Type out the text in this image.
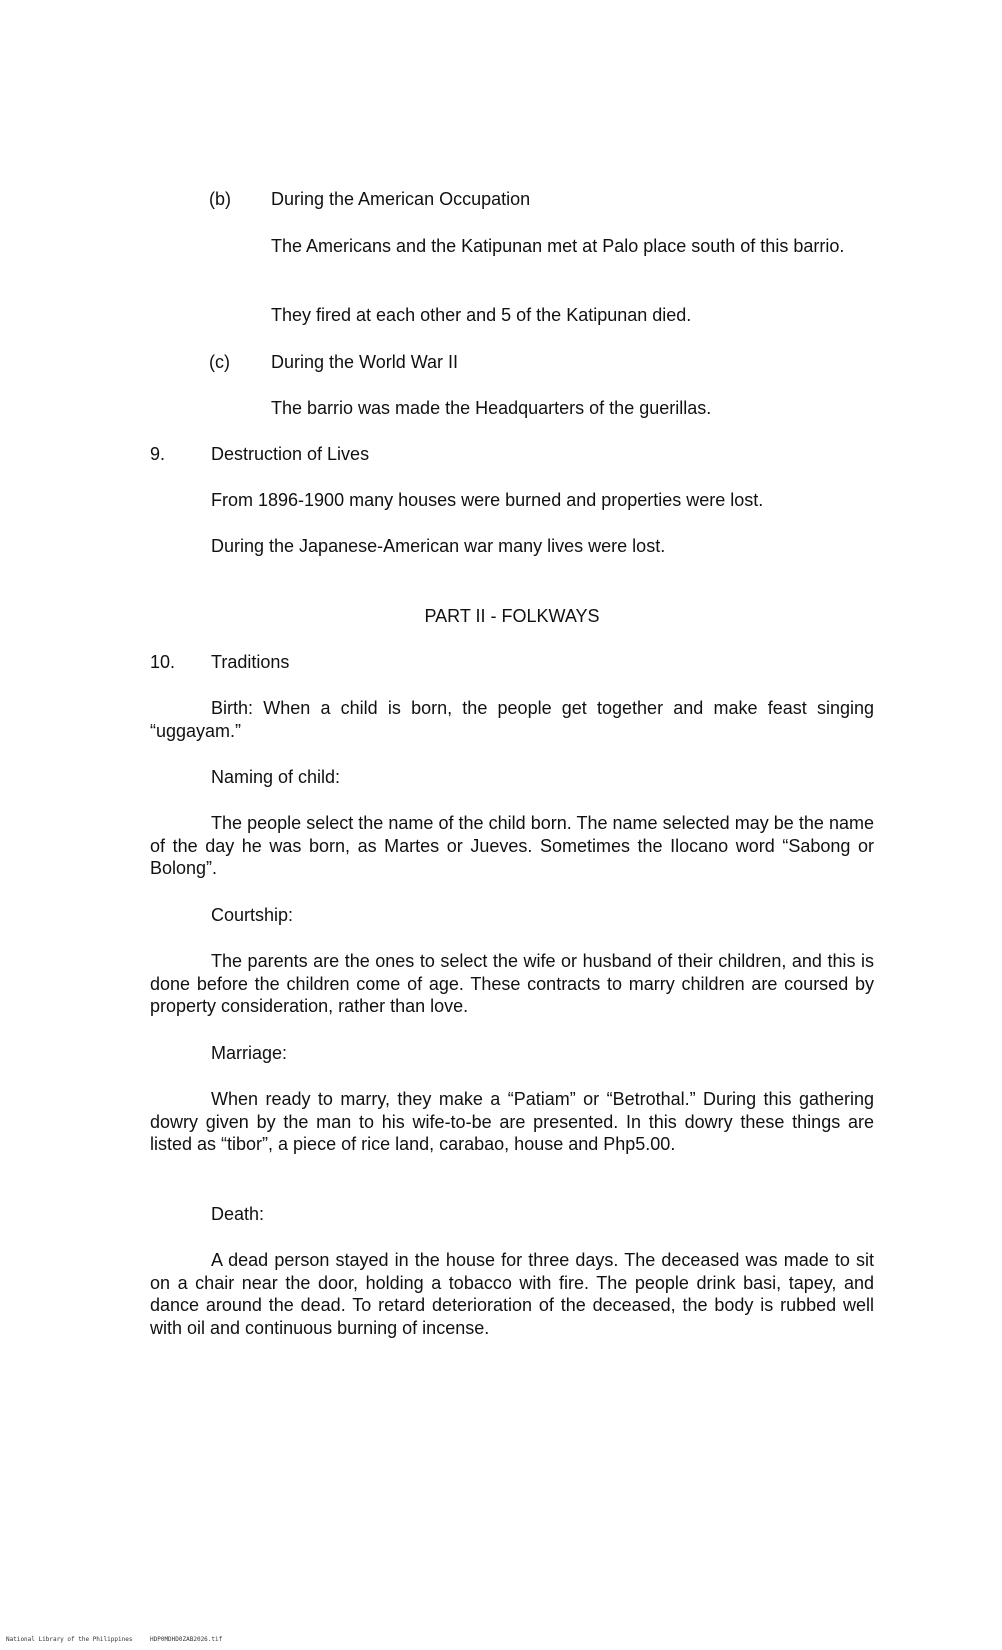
(b) During the American Occupation

The Americans and the Katipunan met at Palo place south of this barrio.

They fired at each other and 5 of the Katipunan died.

(c) During the World War II

The barrio was made the Headquarters of the guerillas.

9.	Destruction of Lives

From 1896-1900 many houses were burned and properties were lost.

During the Japanese-American war many lives were lost.

PART II - FOLKWAYS

10. Traditions

Birth: When a child is born, the people get together and make feast singing “uggayam.”

Naming of child:

The people select the name of the child born. The name selected may be the name of the day he was born, as Martes or Jueves. Sometimes the Ilocano word “Sabong or Bolong”.

Courtship:

The parents are the ones to select the wife or husband of their children, and this is done before the children come of age. These contracts to marry children are coursed by property consideration, rather than love.

Marriage:

When ready to marry, they make a “Patiam” or “Betrothal.” During this gathering dowry given by the man to his wife-to-be are presented. In this dowry these things are listed as “tibor”, a piece of rice land, carabao, house and Php5.00.

Death:

A dead person stayed in the house for three days. The deceased was made to sit on a chair near the door, holding a tobacco with fire. The people drink basi, tapey, and dance around the dead. To retard deterioration of the deceased, the body is rubbed well with oil and continuous burning of incense.

National Library of the Philippines	HDP0MDHD0ZAB2026.tif
